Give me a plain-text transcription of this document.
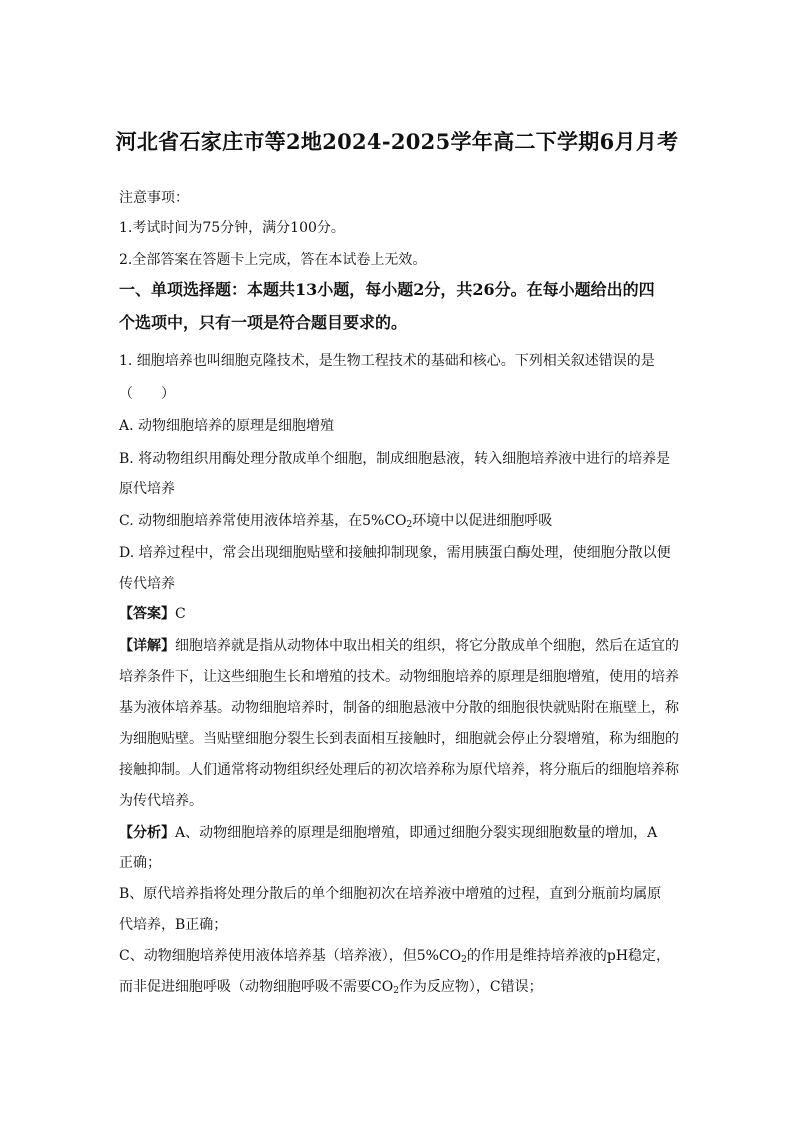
河北省石家庄市等2地2024-2025学年高二下学期6月月考
注意事项：
1.考试时间为75分钟，满分100分。
2.全部答案在答题卡上完成，答在本试卷上无效。
一、单项选择题：本题共13小题，每小题2分，共26分。在每小题给出的四
个选项中，只有一项是符合题目要求的。
1. 细胞培养也叫细胞克隆技术，是生物工程技术的基础和核心。下列相关叙述错误的是
（　　）
A. 动物细胞培养的原理是细胞增殖
B. 将动物组织用酶处理分散成单个细胞，制成细胞悬液，转入细胞培养液中进行的培养是
原代培养
C. 动物细胞培养常使用液体培养基，在$5\%CO_2$环境中以促进细胞呼吸
D. 培养过程中，常会出现细胞贴壁和接触抑制现象，需用胰蛋白酶处理，使细胞分散以便
传代培养
【答案】C
【详解】细胞培养就是指从动物体中取出相关的组织，将它分散成单个细胞，然后在适宜的
培养条件下，让这些细胞生长和增殖的技术。动物细胞培养的原理是细胞增殖，使用的培养
基为液体培养基。动物细胞培养时，制备的细胞悬液中分散的细胞很快就贴附在瓶壁上，称
为细胞贴壁。当贴壁细胞分裂生长到表面相互接触时，细胞就会停止分裂增殖，称为细胞的
接触抑制。人们通常将动物组织经处理后的初次培养称为原代培养，将分瓶后的细胞培养称
为传代培养。
【分析】A、动物细胞培养的原理是细胞增殖，即通过细胞分裂实现细胞数量的增加，A
正确；
B、原代培养指将处理分散后的单个细胞初次在培养液中增殖的过程，直到分瓶前均属原
代培养，B正确；
C、动物细胞培养使用液体培养基（培养液），但$5\%CO_2$的作用是维持培养液的pH稳定，
而非促进细胞呼吸（动物细胞呼吸不需要$CO_2$作为反应物），C错误；
